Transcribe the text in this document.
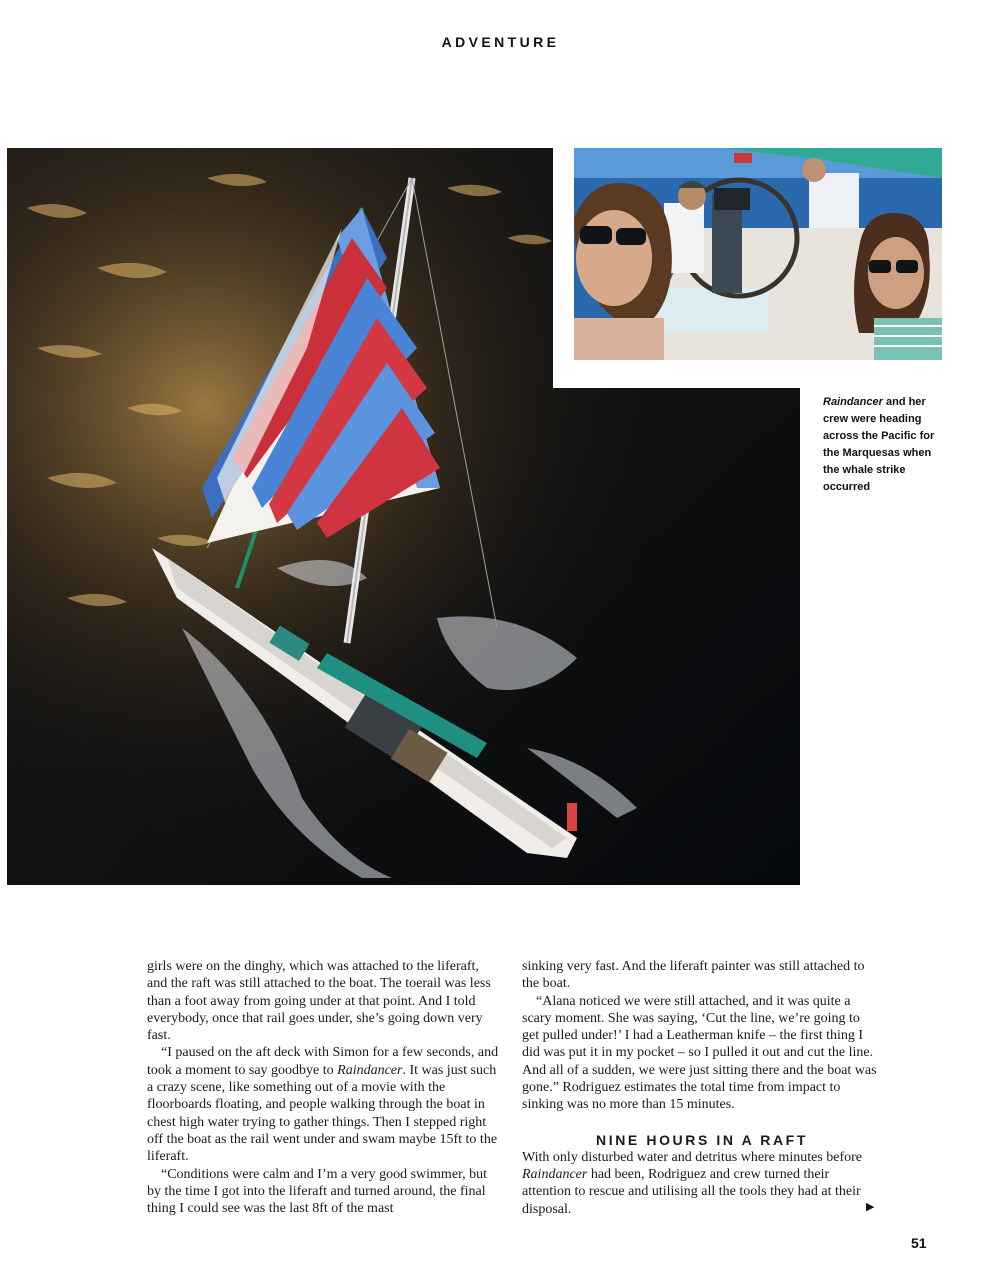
ADVENTURE
Raindancer and her crew were heading across the Pacific for the Marquesas when the whale strike occurred

girls were on the dinghy, which was attached to the liferaft, and the raft was still attached to the boat. The toerail was less than a foot away from going under at that point. And I told everybody, once that rail goes under, she’s going down very fast.

“I paused on the aft deck with Simon for a few seconds, and took a moment to say goodbye to Raindancer. It was just such a crazy scene, like something out of a movie with the floorboards floating, and people walking through the boat in chest high water trying to gather things. Then I stepped right off the boat as the rail went under and swam maybe 15ft to the liferaft.

“Conditions were calm and I’m a very good swimmer, but by the time I got into the liferaft and turned around, the final thing I could see was the last 8ft of the mast

sinking very fast. And the liferaft painter was still attached to the boat.

“Alana noticed we were still attached, and it was quite a scary moment. She was saying, ‘Cut the line, we’re going to get pulled under!’ I had a Leatherman knife – the first thing I did was put it in my pocket – so I pulled it out and cut the line. And all of a sudden, we were just sitting there and the boat was gone.” Rodriguez estimates the total time from impact to sinking was no more than 15 minutes.

NINE HOURS IN A RAFT

With only disturbed water and detritus where minutes before Raindancer had been, Rodriguez and crew turned their attention to rescue and utilising all the tools they had at their disposal.	▶
51
